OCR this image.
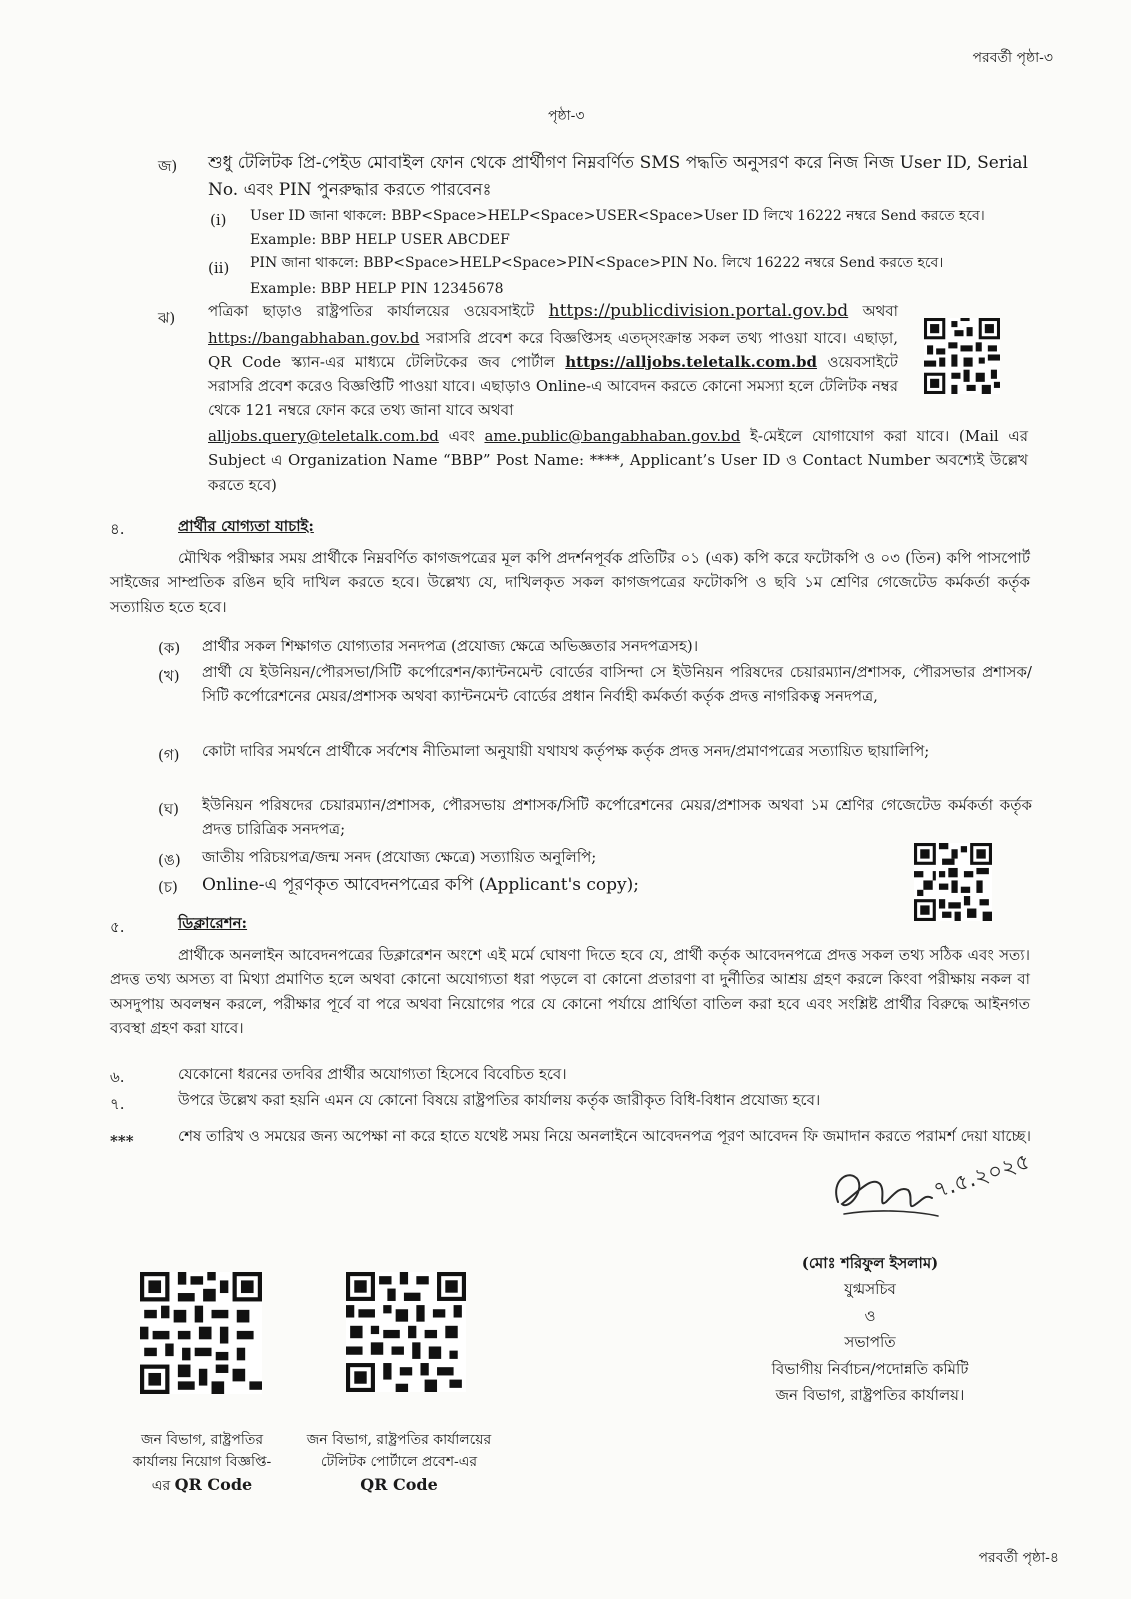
পরবর্তী পৃষ্ঠা-৩
পৃষ্ঠা-৩
জ) শুধু টেলিটক প্রি-পেইড মোবাইল ফোন থেকে প্রার্থীগণ নিম্নবর্ণিত SMS পদ্ধতি অনুসরণ করে নিজ নিজ User ID, Serial No. এবং PIN পুনরুদ্ধার করতে পারবেনঃ
(i) User ID জানা থাকলে: BBP<Space>HELP<Space>USER<Space>User ID লিখে 16222 নম্বরে Send করতে হবে।
Example: BBP HELP USER ABCDEF
(ii) PIN জানা থাকলে: BBP<Space>HELP<Space>PIN<Space>PIN No. লিখে 16222 নম্বরে Send করতে হবে।
Example: BBP HELP PIN 12345678
ঝ) পত্রিকা ছাড়াও রাষ্ট্রপতির কার্যালয়ের ওয়েবসাইটে https://publicdivision.portal.gov.bd অথবা https://bangabhaban.gov.bd সরাসরি প্রবেশ করে বিজ্ঞপ্তিসহ এতদ্‌সংক্রান্ত সকল তথ্য পাওয়া যাবে। এছাড়া, QR Code স্ক্যান-এর মাধ্যমে টেলিটকের জব পোর্টাল https://alljobs.teletalk.com.bd ওয়েবসাইটে সরাসরি প্রবেশ করেও বিজ্ঞপ্তিটি পাওয়া যাবে। এছাড়াও Online-এ আবেদন করতে কোনো সমস্যা হলে টেলিটক নম্বর থেকে 121 নম্বরে ফোন করে তথ্য জানা যাবে অথবা
alljobs.query@teletalk.com.bd এবং ame.public@bangabhaban.gov.bd ই-মেইলে যোগাযোগ করা যাবে। (Mail এর Subject এ Organization Name “BBP” Post Name: ****, Applicant’s User ID ও Contact Number অবশ্যেই উল্লেখ করতে হবে)
৪.	প্রার্থীর যোগ্যতা যাচাই:
মৌখিক পরীক্ষার সময় প্রার্থীকে নিম্নবর্ণিত কাগজপত্রের মূল কপি প্রদর্শনপূর্বক প্রতিটির ০১ (এক) কপি করে ফটোকপি ও ০৩ (তিন) কপি পাসপোর্ট সাইজের সাম্প্রতিক রঙিন ছবি দাখিল করতে হবে। উল্লেখ্য যে, দাখিলকৃত সকল কাগজপত্রের ফটোকপি ও ছবি ১ম শ্রেণির গেজেটেড কর্মকর্তা কর্তৃক সত্যায়িত হতে হবে।
(ক) প্রার্থীর সকল শিক্ষাগত যোগ্যতার সনদপত্র (প্রযোজ্য ক্ষেত্রে অভিজ্ঞতার সনদপত্রসহ)।
(খ) প্রার্থী যে ইউনিয়ন/পৌরসভা/সিটি কর্পোরেশন/ক্যান্টনমেন্ট বোর্ডের বাসিন্দা সে ইউনিয়ন পরিষদের চেয়ারম্যান/প্রশাসক, পৌরসভার প্রশাসক/সিটি কর্পোরেশনের মেয়র/প্রশাসক অথবা ক্যান্টনমেন্ট বোর্ডের প্রধান নির্বাহী কর্মকর্তা কর্তৃক প্রদত্ত নাগরিকত্ব সনদপত্র,
(গ) কোটা দাবির সমর্থনে প্রার্থীকে সর্বশেষ নীতিমালা অনুযায়ী যথাযথ কর্তৃপক্ষ কর্তৃক প্রদত্ত সনদ/প্রমাণপত্রের সত্যায়িত ছায়ালিপি;
(ঘ) ইউনিয়ন পরিষদের চেয়ারম্যান/প্রশাসক, পৌরসভায় প্রশাসক/সিটি কর্পোরেশনের মেয়র/প্রশাসক অথবা ১ম শ্রেণির গেজেটেড কর্মকর্তা কর্তৃক প্রদত্ত চারিত্রিক সনদপত্র;
(ঙ) জাতীয় পরিচয়পত্র/জন্ম সনদ (প্রযোজ্য ক্ষেত্রে) সত্যায়িত অনুলিপি;
(চ) Online-এ পূরণকৃত আবেদনপত্রের কপি (Applicant's copy);
৫.	ডিক্লারেশন:
প্রার্থীকে অনলাইন আবেদনপত্রের ডিক্লারেশন অংশে এই মর্মে ঘোষণা দিতে হবে যে, প্রার্থী কর্তৃক আবেদনপত্রে প্রদত্ত সকল তথ্য সঠিক এবং সত্য। প্রদত্ত তথ্য অসত্য বা মিথ্যা প্রমাণিত হলে অথবা কোনো অযোগ্যতা ধরা পড়লে বা কোনো প্রতারণা বা দুর্নীতির আশ্রয় গ্রহণ করলে কিংবা পরীক্ষায় নকল বা অসদুপায় অবলম্বন করলে, পরীক্ষার পূর্বে বা পরে অথবা নিয়োগের পরে যে কোনো পর্যায়ে প্রার্থিতা বাতিল করা হবে এবং সংশ্লিষ্ট প্রার্থীর বিরুদ্ধে আইনগত ব্যবস্থা গ্রহণ করা যাবে।
৬.	যেকোনো ধরনের তদবির প্রার্থীর অযোগ্যতা হিসেবে বিবেচিত হবে।
৭.	উপরে উল্লেখ করা হয়নি এমন যে কোনো বিষয়ে রাষ্ট্রপতির কার্যালয় কর্তৃক জারীকৃত বিধি-বিধান প্রযোজ্য হবে।
***	শেষ তারিখ ও সময়ের জন্য অপেক্ষা না করে হাতে যথেষ্ট সময় নিয়ে অনলাইনে আবেদনপত্র পূরণ আবেদন ফি জমাদান করতে পরামর্শ দেয়া যাচ্ছে।
৭.৫.২০২৫
(মোঃ শরিফুল ইসলাম)
যুগ্মসচিব
ও
সভাপতি
বিভাগীয় নির্বাচন/পদোন্নতি কমিটি
জন বিভাগ, রাষ্ট্রপতির কার্যালয়।
জন বিভাগ, রাষ্ট্রপতির
কার্যালয় নিয়োগ বিজ্ঞপ্তি-
এর QR Code
জন বিভাগ, রাষ্ট্রপতির কার্যালয়ের
টেলিটক পোর্টালে প্রবেশ-এর
QR Code
পরবর্তী পৃষ্ঠা-৪
